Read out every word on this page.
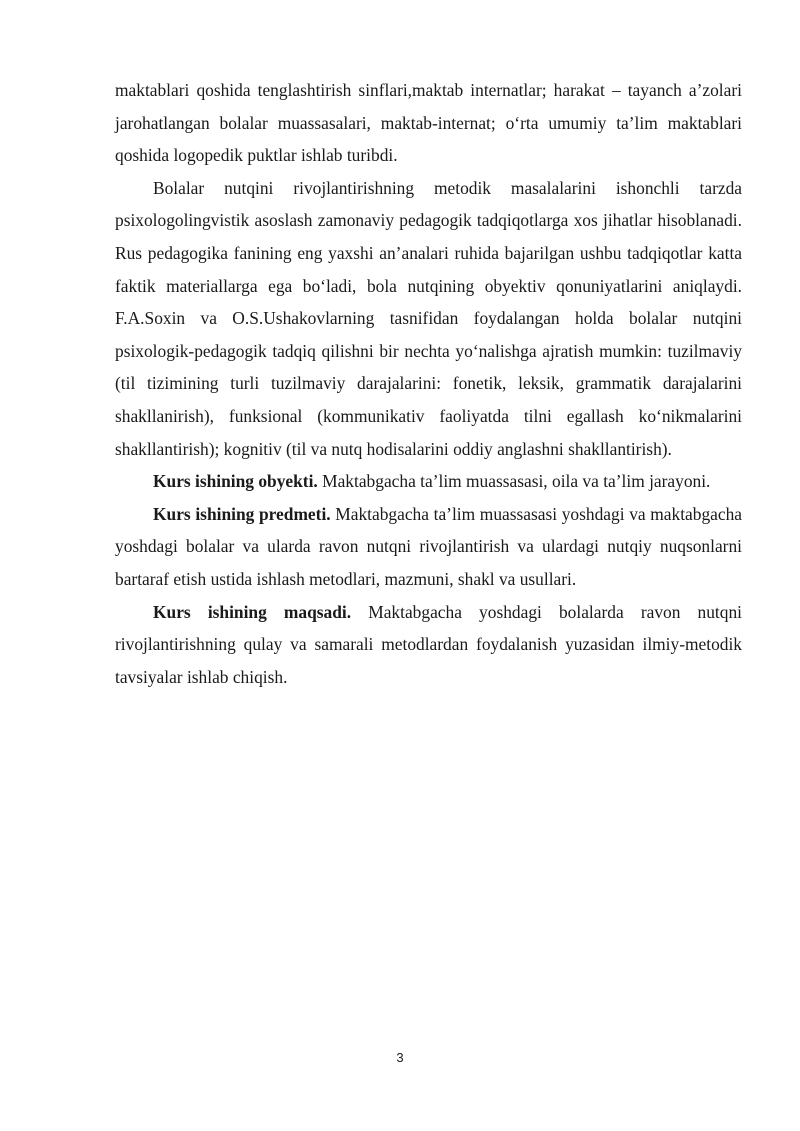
maktablari qoshida tenglashtirish sinflari,maktab internatlar; harakat – tayanch a’zolari jarohatlangan bolalar muassasalari, maktab-internat; o‘rta umumiy ta’lim maktablari qoshida logopedik puktlar ishlab turibdi.

Bolalar nutqini rivojlantirishning metodik masalalarini ishonchli tarzda psixologolingvistik asoslash zamonaviy pedagogik tadqiqotlarga xos jihatlar hisoblanadi. Rus pedagogika fanining eng yaxshi an’analari ruhida bajarilgan ushbu tadqiqotlar katta faktik materiallarga ega bo‘ladi, bola nutqining obyektiv qonuniyatlarini aniqlaydi. F.A.Soxin va O.S.Ushakovlarning tasnifidan foydalangan holda bolalar nutqini psixologik-pedagogik tadqiq qilishni bir nechta yo‘nalishga ajratish mumkin: tuzilmaviy (til tizimining turli tuzilmaviy darajalarini: fonetik, leksik, grammatik darajalarini shakllanirish), funksional (kommunikativ faoliyatda tilni egallash ko‘nikmalarini shakllantirish); kognitiv (til va nutq hodisalarini oddiy anglashni shakllantirish).

Kurs ishining obyekti. Maktabgacha ta’lim muassasasi, oila va ta’lim jarayoni.

Kurs ishining predmeti. Maktabgacha ta’lim muassasasi yoshdagi va maktabgacha yoshdagi bolalar va ularda ravon nutqni rivojlantirish va ulardagi nutqiy nuqsonlarni bartaraf etish ustida ishlash metodlari, mazmuni, shakl va usullari.

Kurs ishining maqsadi. Maktabgacha yoshdagi bolalarda ravon nutqni rivojlantirishning qulay va samarali metodlardan foydalanish yuzasidan ilmiy-metodik tavsiyalar ishlab chiqish.

3
